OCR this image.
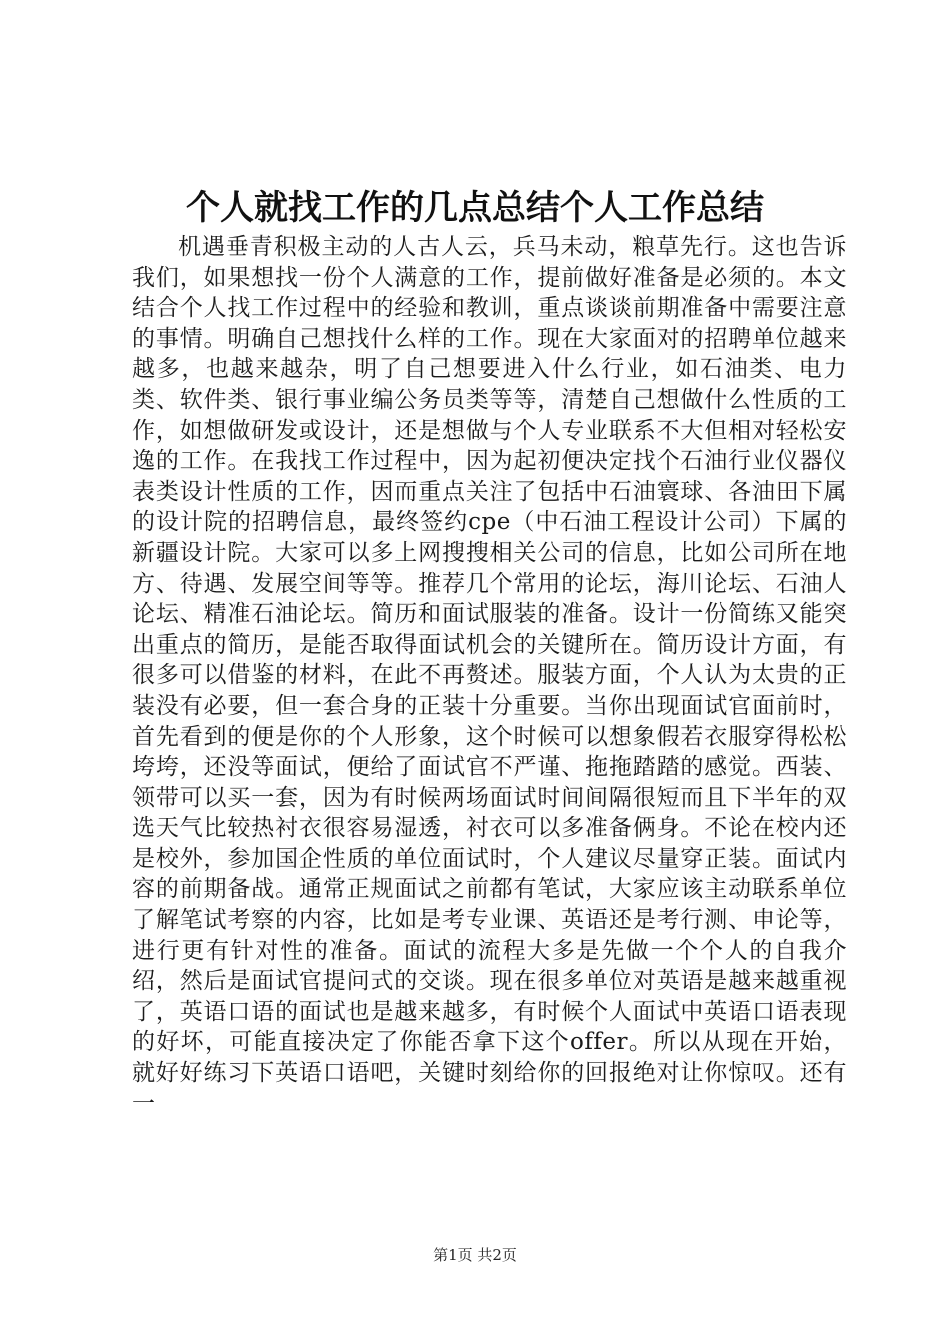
个人就找工作的几点总结个人工作总结

机遇垂青积极主动的人古人云，兵马未动，粮草先行。这也告诉我们，如果想找一份个人满意的工作，提前做好准备是必须的。本文结合个人找工作过程中的经验和教训，重点谈谈前期准备中需要注意的事情。明确自己想找什么样的工作。现在大家面对的招聘单位越来越多，也越来越杂，明了自己想要进入什么行业，如石油类、电力类、软件类、银行事业编公务员类等等，清楚自己想做什么性质的工作，如想做研发或设计，还是想做与个人专业联系不大但相对轻松安逸的工作。在我找工作过程中，因为起初便决定找个石油行业仪器仪表类设计性质的工作，因而重点关注了包括中石油寰球、各油田下属的设计院的招聘信息，最终签约cpe（中石油工程设计公司）下属的新疆设计院。大家可以多上网搜搜相关公司的信息，比如公司所在地方、待遇、发展空间等等。推荐几个常用的论坛，海川论坛、石油人论坛、精准石油论坛。简历和面试服装的准备。设计一份简练又能突出重点的简历，是能否取得面试机会的关键所在。简历设计方面，有很多可以借鉴的材料，在此不再赘述。服装方面，个人认为太贵的正装没有必要，但一套合身的正装十分重要。当你出现面试官面前时，首先看到的便是你的个人形象，这个时候可以想象假若衣服穿得松松垮垮，还没等面试，便给了面试官不严谨、拖拖踏踏的感觉。西装、领带可以买一套，因为有时候两场面试时间间隔很短而且下半年的双选天气比较热衬衣很容易湿透，衬衣可以多准备俩身。不论在校内还是校外，参加国企性质的单位面试时，个人建议尽量穿正装。面试内容的前期备战。通常正规面试之前都有笔试，大家应该主动联系单位了解笔试考察的内容，比如是考专业课、英语还是考行测、申论等，进行更有针对性的准备。面试的流程大多是先做一个个人的自我介绍，然后是面试官提问式的交谈。现在很多单位对英语是越来越重视了，英语口语的面试也是越来越多，有时候个人面试中英语口语表现的好坏，可能直接决定了你能否拿下这个offer。所以从现在开始，就好好练习下英语口语吧，关键时刻给你的回报绝对让你惊叹。还有一

第1页 共2页
